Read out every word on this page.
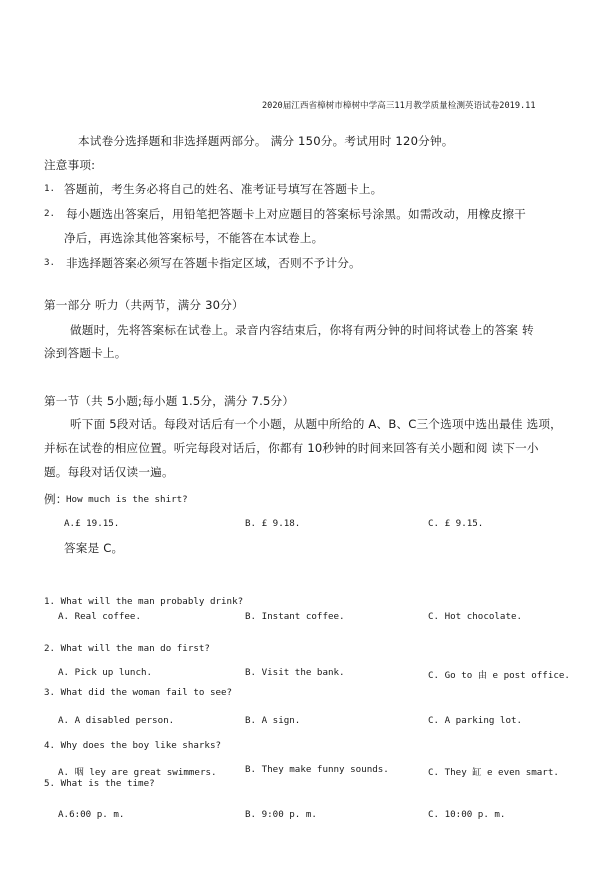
2020届江西省樟树市樟树中学高三11月教学质量检测英语试卷2019.11
本试卷分选择题和非选择题两部分。 满分 150分。考试用时 120分钟。
注意事项:
1. 答题前，考生务必将自己的姓名、准考证号填写在答题卡上。
2. 每小题选出答案后，用铅笔把答题卡上对应题目的答案标号涂黑。如需改动，用橡皮擦干
净后，再选涂其他答案标号，不能答在本试卷上。
3. 非选择题答案必须写在答题卡指定区域，否则不予计分。
第一部分 听力（共两节，满分 30分）
做题时，先将答案标在试卷上。录音内容结束后，你将有两分钟的时间将试卷上的答案 转
涂到答题卡上。
第一节（共 5小题;每小题 1.5分，满分 7.5分）
听下面 5段对话。每段对话后有一个小题，从题中所给的 A、B、C三个选项中选出最佳 选项，
并标在试卷的相应位置。听完每段对话后，你都有 10秒钟的时间来回答有关小题和阅 读下一小
题。每段对话仅读一遍。
例：
How much is the shirt?
A.£ 19.15.	B. £ 9.18.	C. £ 9.15.
答案是 C。
1. What will the man probably drink?
A. Real coffee.	B. Instant coffee.	C. Hot chocolate.
2. What will the man do first?
A. Pick up lunch.	B. Visit the bank.	C. Go to 由 e post office.
3. What did the woman fail to see?
A. A disabled person.	B. A sign.	C. A parking lot.
4. Why does the boy like sharks?
A. 咽 ley are great swimmers.	B. They make funny sounds.	C. They 缸 e even smart.
5. What is the time?
A.6:00 p. m.	B. 9:00 p. m.	C. 10:00 p. m.
